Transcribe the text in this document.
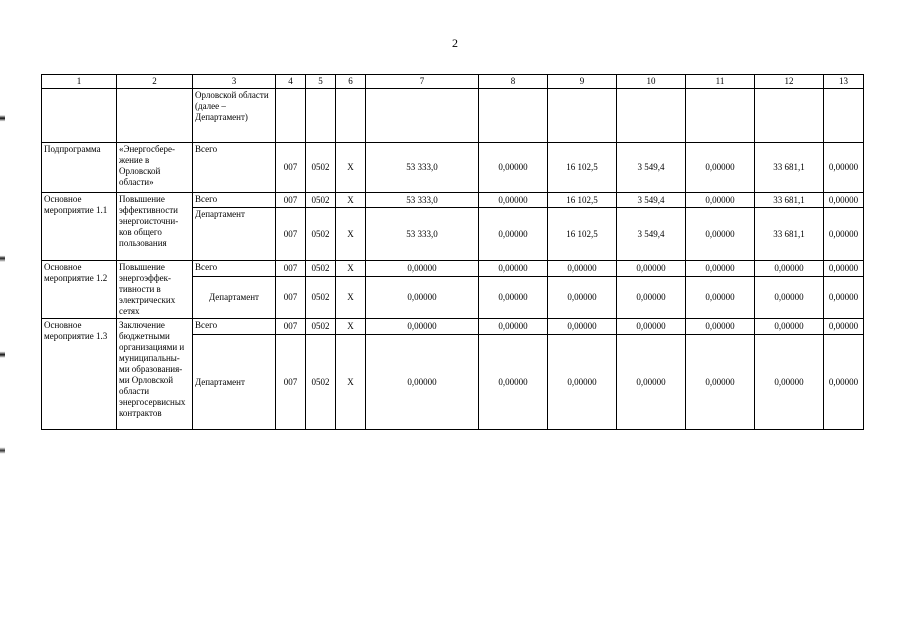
2
1	2	3	4	5	6	7	8	9	10	11	12	13
		Орловской области (далее – Департамент)										
Подпрограмма	«Энергосбере-жение в Орловской области»	Всего	007	0502	Х	53 333,0	0,00000	16 102,5	3 549,4	0,00000	33 681,1	0,00000
Основное мероприятие 1.1	Повышение эффективности энергоисточни-ков общего пользования	Всего	007	0502	Х	53 333,0	0,00000	16 102,5	3 549,4	0,00000	33 681,1	0,00000
		Департамент	007	0502	Х	53 333,0	0,00000	16 102,5	3 549,4	0,00000	33 681,1	0,00000
Основное мероприятие 1.2	Повышение энергоэффек-тивности в электрических сетях	Всего	007	0502	Х	0,00000	0,00000	0,00000	0,00000	0,00000	0,00000	0,00000
		Департамент	007	0502	Х	0,00000	0,00000	0,00000	0,00000	0,00000	0,00000	0,00000
Основное мероприятие 1.3	Заключение бюджетными организациями и муниципальны-ми образования-ми Орловской области энергосервисных контрактов	Всего	007	0502	Х	0,00000	0,00000	0,00000	0,00000	0,00000	0,00000	0,00000
		Департамент	007	0502	Х	0,00000	0,00000	0,00000	0,00000	0,00000	0,00000	0,00000
